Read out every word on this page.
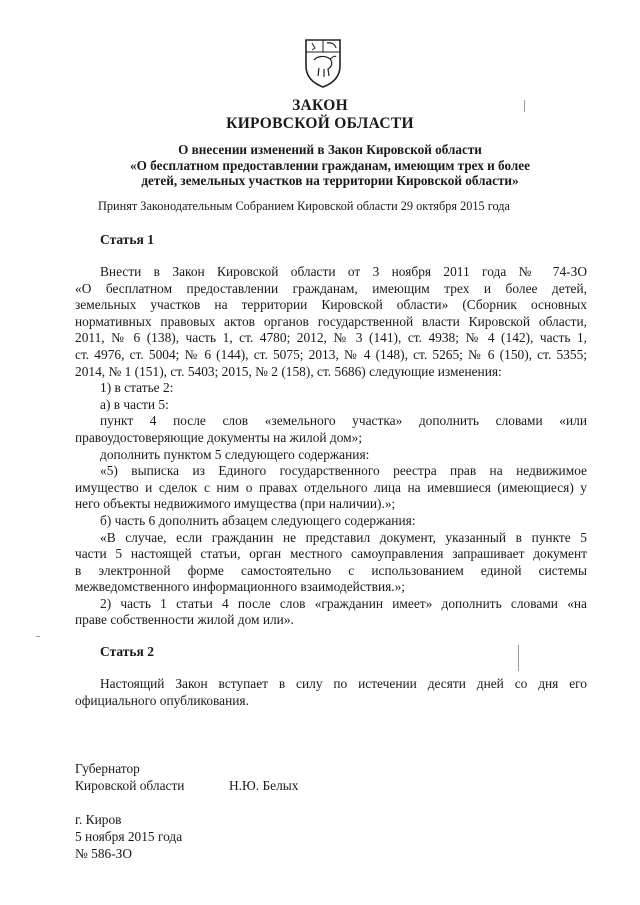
ЗАКОН
КИРОВСКОЙ ОБЛАСТИ
О внесении изменений в Закон Кировской области
«О бесплатном предоставлении гражданам, имеющим трех и более
детей, земельных участков на территории Кировской области»
Принят Законодательным Собранием Кировской области 29 октября 2015 года
Статья 1
Внести в Закон Кировской области от 3 ноября 2011 года № 74-ЗО
«О бесплатном предоставлении гражданам, имеющим трех и более детей,
земельных участков на территории Кировской области» (Сборник основных
нормативных правовых актов органов государственной власти Кировской области,
2011, № 6 (138), часть 1, ст. 4780; 2012, № 3 (141), ст. 4938; № 4 (142), часть 1,
ст. 4976, ст. 5004; № 6 (144), ст. 5075; 2013, № 4 (148), ст. 5265; № 6 (150), ст. 5355;
2014, № 1 (151), ст. 5403; 2015, № 2 (158), ст. 5686) следующие изменения:
1) в статье 2:
а) в части 5:
пункт 4 после слов «земельного участка» дополнить словами «или
правоудостоверяющие документы на жилой дом»;
дополнить пунктом 5 следующего содержания:
«5) выписка из Единого государственного реестра прав на недвижимое
имущество и сделок с ним о правах отдельного лица на имевшиеся (имеющиеся) у
него объекты недвижимого имущества (при наличии).»;
б) часть 6 дополнить абзацем следующего содержания:
«В случае, если гражданин не представил документ, указанный в пункте 5
части 5 настоящей статьи, орган местного самоуправления запрашивает документ
в электронной форме самостоятельно с использованием единой системы
межведомственного информационного взаимодействия.»;
2) часть 1 статьи 4 после слов «гражданин имеет» дополнить словами «на
праве собственности жилой дом или».
Статья 2
Настоящий Закон вступает в силу по истечении десяти дней со дня его
официального опубликования.
Губернатор
Кировской области	Н.Ю. Белых
г. Киров
5 ноября 2015 года
№ 586-ЗО
